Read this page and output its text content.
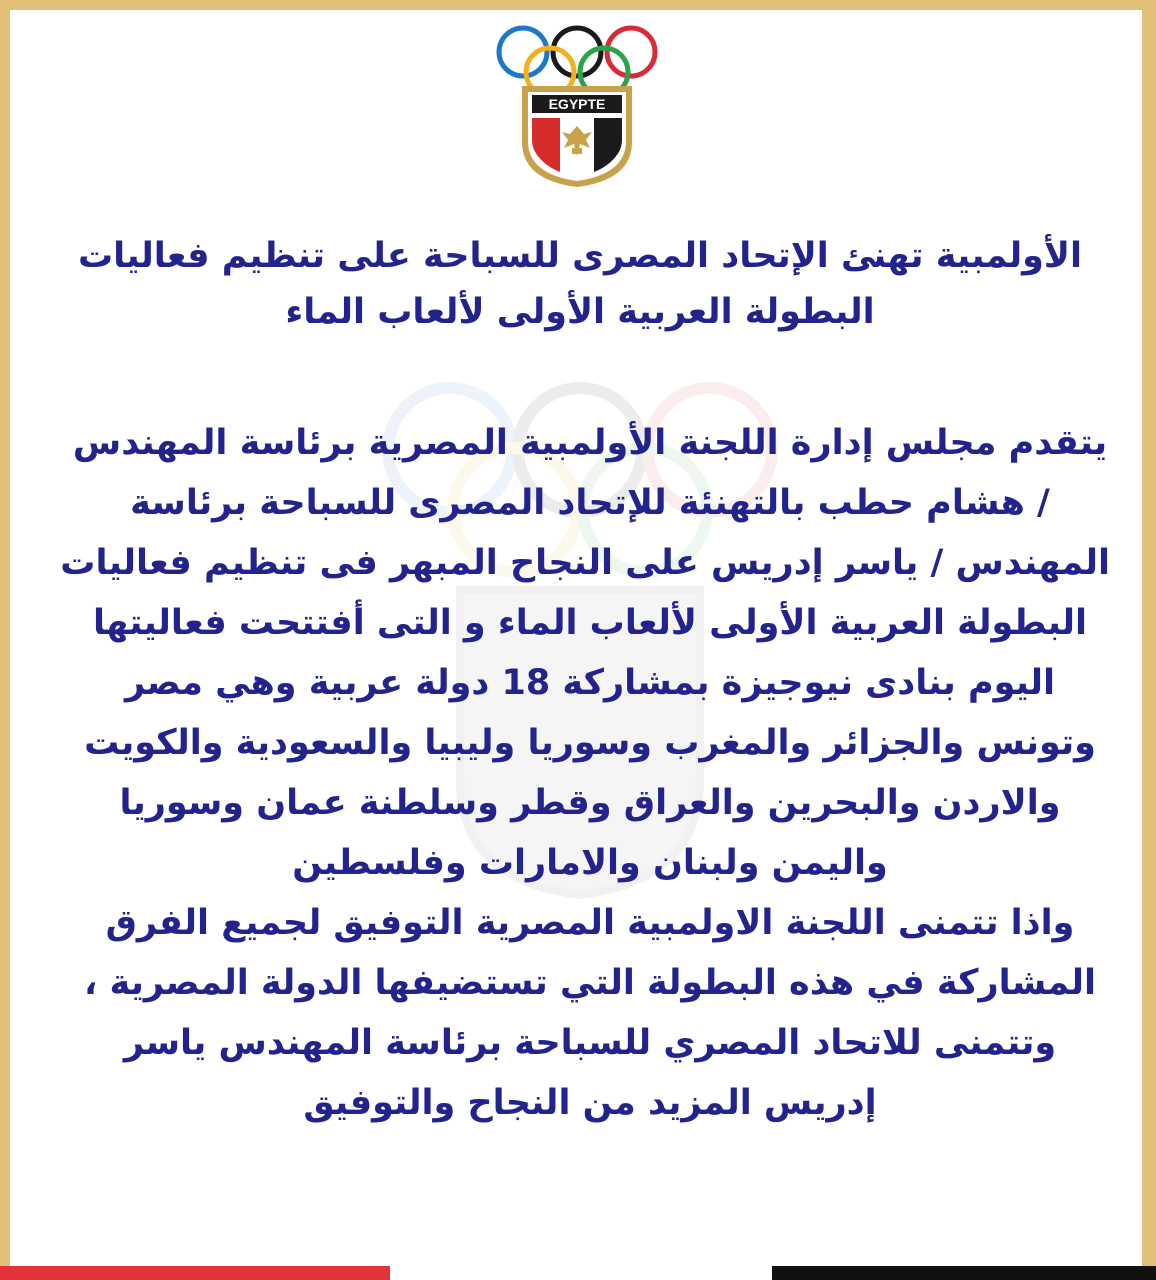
EGYPTE
الأولمبية تهنئ الإتحاد المصرى للسباحة على تنظيم فعاليات
البطولة العربية الأولى لألعاب الماء
يتقدم مجلس إدارة اللجنة الأولمبية المصرية برئاسة المهندس
/ هشام حطب بالتهنئة للإتحاد المصرى للسباحة برئاسة
المهندس / ياسر إدريس على النجاح المبهر فى تنظيم فعاليات
البطولة العربية الأولى لألعاب الماء و التى أفتتحت فعاليتها
اليوم بنادى نيوجيزة بمشاركة 18 دولة عربية وهي مصر
وتونس والجزائر والمغرب وسوريا وليبيا والسعودية والكويت
والاردن والبحرين والعراق وقطر وسلطنة عمان وسوريا
واليمن ولبنان والامارات وفلسطين
واذا تتمنى اللجنة الاولمبية المصرية التوفيق لجميع الفرق
المشاركة في هذه البطولة التي تستضيفها الدولة المصرية ،
وتتمنى للاتحاد المصري للسباحة برئاسة المهندس ياسر
إدريس المزيد من النجاح والتوفيق
